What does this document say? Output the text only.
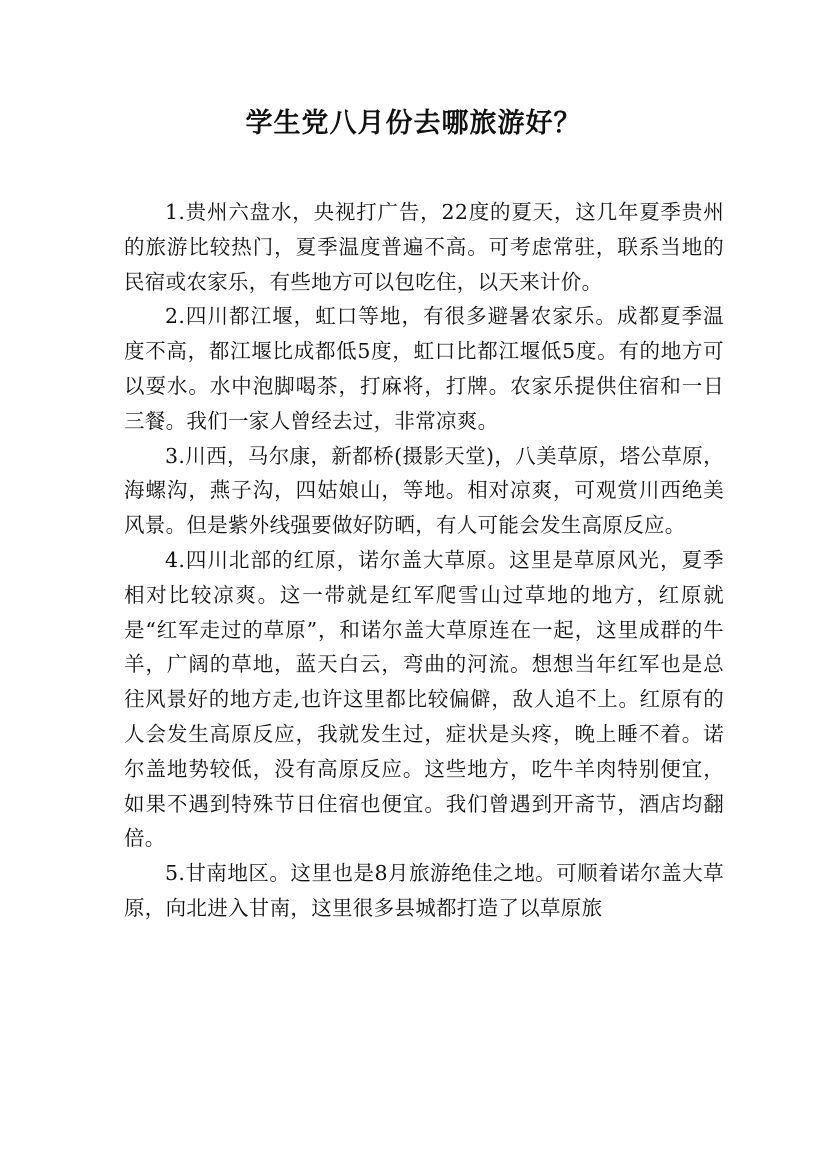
学生党八月份去哪旅游好？

1.贵州六盘水，央视打广告，22度的夏天，这几年夏季贵州的旅游比较热门，夏季温度普遍不高。可考虑常驻，联系当地的民宿或农家乐，有些地方可以包吃住，以天来计价。

2.四川都江堰，虹口等地，有很多避暑农家乐。成都夏季温度不高，都江堰比成都低5度，虹口比都江堰低5度。有的地方可以耍水。水中泡脚喝茶，打麻将，打牌。农家乐提供住宿和一日三餐。我们一家人曾经去过，非常凉爽。

3.川西，马尔康，新都桥(摄影天堂)，八美草原，塔公草原，海螺沟，燕子沟，四姑娘山，等地。相对凉爽，可观赏川西绝美风景。但是紫外线强要做好防晒，有人可能会发生高原反应。

4.四川北部的红原，诺尔盖大草原。这里是草原风光，夏季相对比较凉爽。这一带就是红军爬雪山过草地的地方，红原就是“红军走过的草原”，和诺尔盖大草原连在一起，这里成群的牛羊，广阔的草地，蓝天白云，弯曲的河流。想想当年红军也是总往风景好的地方走,也许这里都比较偏僻，敌人追不上。红原有的人会发生高原反应，我就发生过，症状是头疼，晚上睡不着。诺尔盖地势较低，没有高原反应。这些地方，吃牛羊肉特别便宜，如果不遇到特殊节日住宿也便宜。我们曾遇到开斋节，酒店均翻倍。

5.甘南地区。这里也是8月旅游绝佳之地。可顺着诺尔盖大草原，向北进入甘南，这里很多县城都打造了以草原旅
